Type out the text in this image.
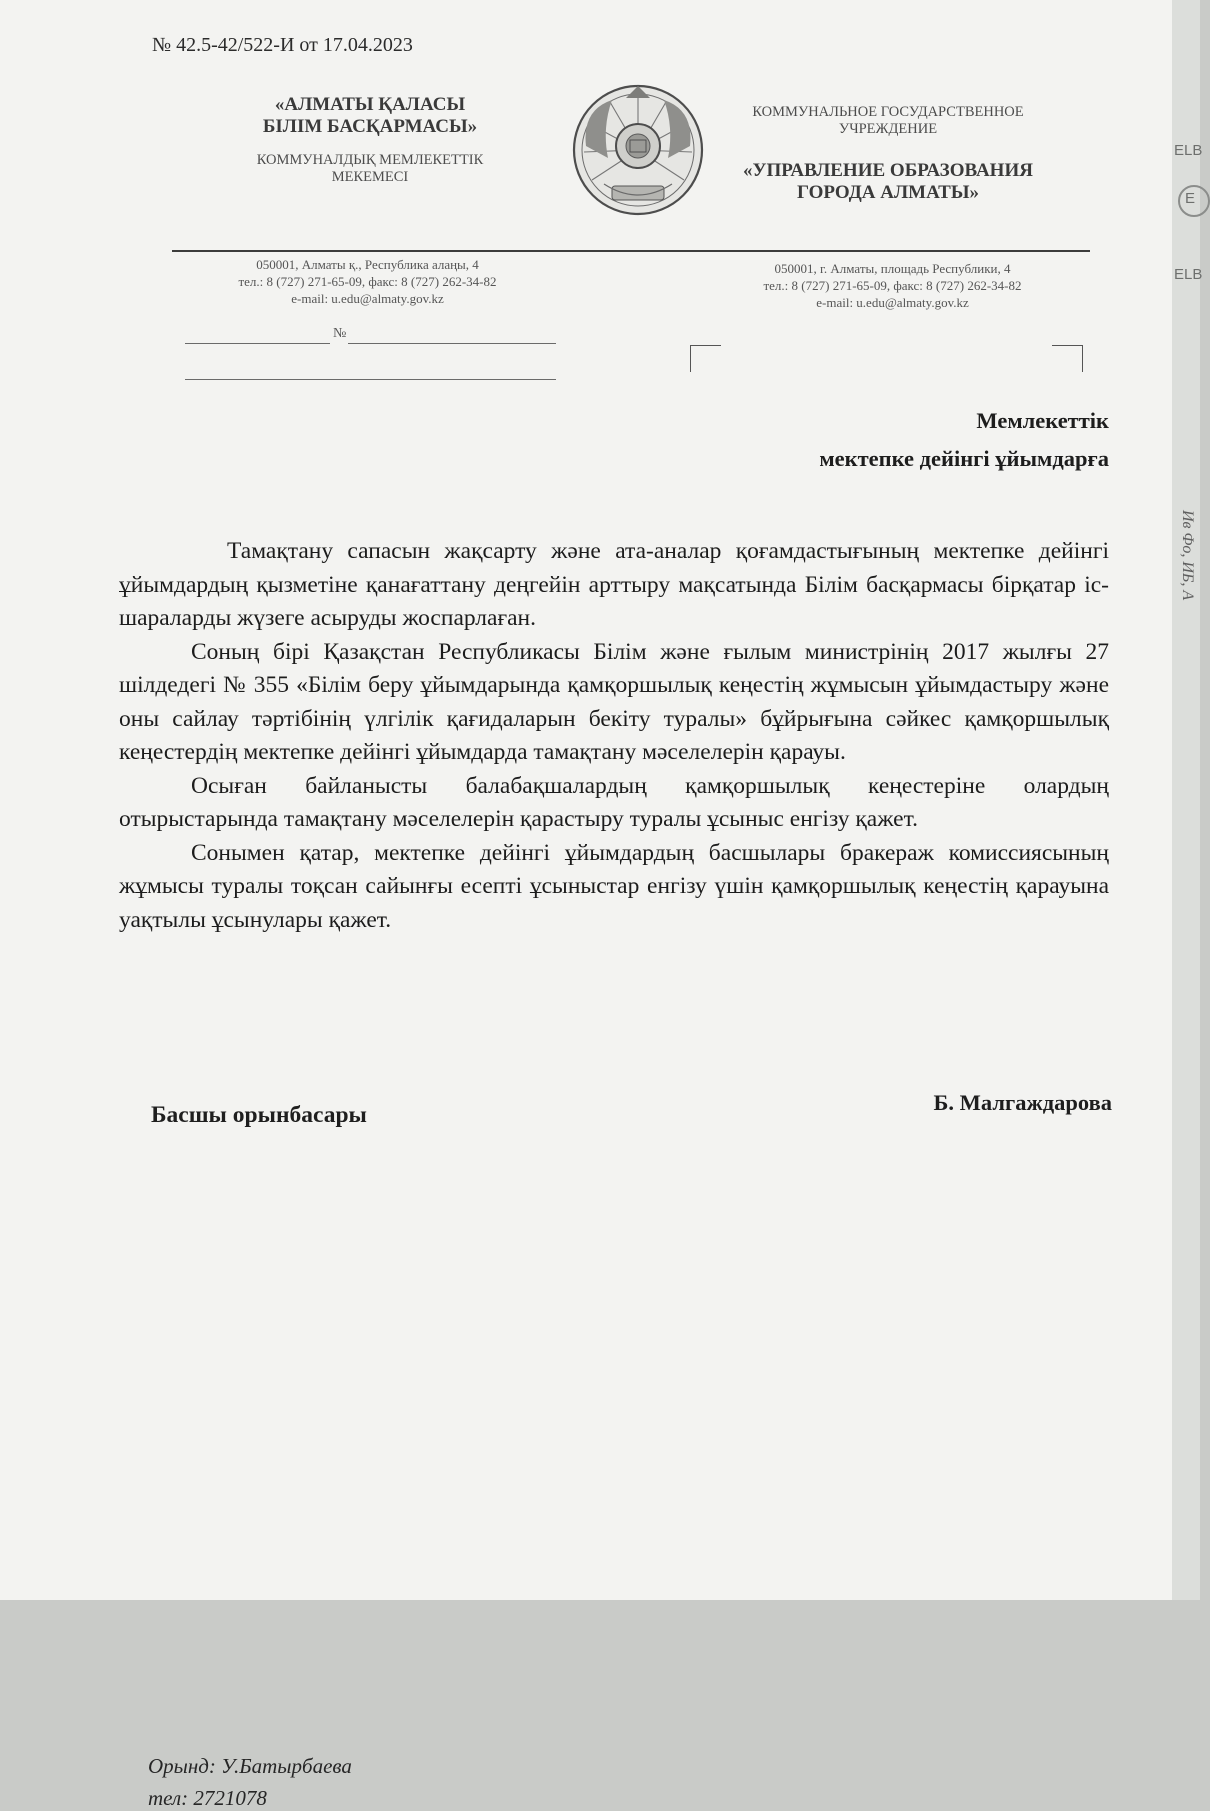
№ 42.5-42/522-И от 17.04.2023
«АЛМАТЫ ҚАЛАСЫ
БІЛІМ БАСҚАРМАСЫ»
КОММУНАЛДЫҚ МЕМЛЕКЕТТІК
МЕКЕМЕСІ
КОММУНАЛЬНОЕ ГОСУДАРСТВЕННОЕ
УЧРЕЖДЕНИЕ
«УПРАВЛЕНИЕ ОБРАЗОВАНИЯ
ГОРОДА АЛМАТЫ»
050001, Алматы қ., Республика алаңы, 4
тел.: 8 (727) 271-65-09, факс: 8 (727) 262-34-82
e-mail: u.edu@almaty.gov.kz
050001, г. Алматы, площадь Республики, 4
тел.: 8 (727) 271-65-09, факс: 8 (727) 262-34-82
e-mail: u.edu@almaty.gov.kz
№
Мемлекеттік
мектепке дейінгі ұйымдарға

Тамақтану сапасын жақсарту және ата-аналар қоғамдастығының мектепке дейінгі ұйымдардың қызметіне қанағаттану деңгейін арттыру мақсатында Білім басқармасы бірқатар іс-шараларды жүзеге асыруды жоспарлаған.

Соның бірі Қазақстан Республикасы Білім және ғылым министрінің 2017 жылғы 27 шілдедегі № 355 «Білім беру ұйымдарында қамқоршылық кеңестің жұмысын ұйымдастыру және оны сайлау тәртібінің үлгілік қағидаларын бекіту туралы» бұйрығына сәйкес қамқоршылық кеңестердің мектепке дейінгі ұйымдарда тамақтану мәселелерін қарауы.

Осыған байланысты балабақшалардың қамқоршылық кеңестеріне олардың отырыстарында тамақтану мәселелерін қарастыру туралы ұсыныс енгізу қажет.

Сонымен қатар, мектепке дейінгі ұйымдардың басшылары бракераж комиссиясының жұмысы туралы тоқсан сайынғы есепті ұсыныстар енгізу үшін қамқоршылық кеңестің қарауына уақтылы ұсынулары қажет.

Басшы орынбасары	Б. Малгаждарова
Орынд: У.Батырбаева
тел: 2721078
ELB
E
ELB
Ив Фо, ИБ, А
